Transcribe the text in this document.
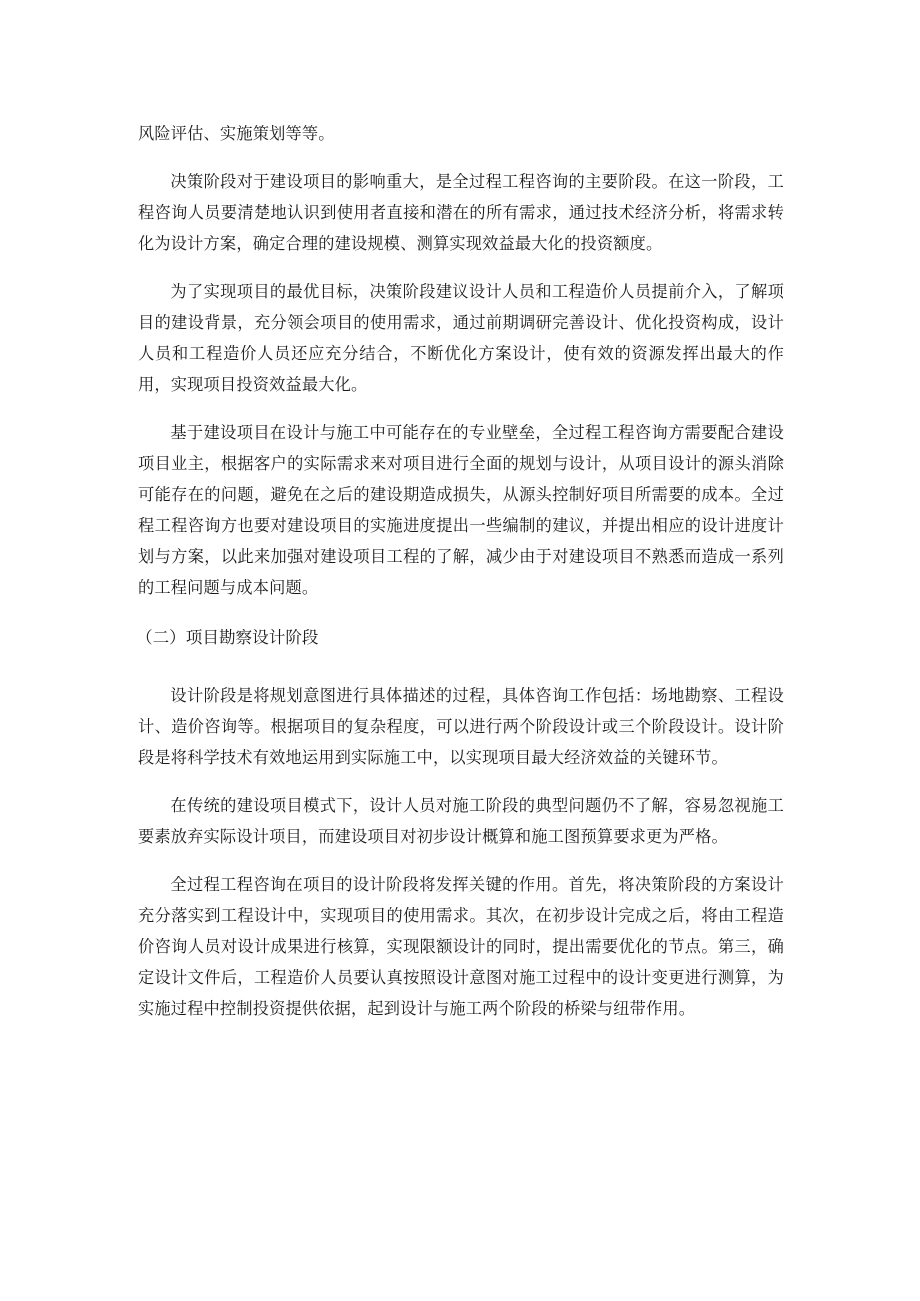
风险评估、实施策划等等。

决策阶段对于建设项目的影响重大，是全过程工程咨询的主要阶段。在这一阶段，工程咨询人员要清楚地认识到使用者直接和潜在的所有需求，通过技术经济分析，将需求转化为设计方案，确定合理的建设规模、测算实现效益最大化的投资额度。

为了实现项目的最优目标，决策阶段建议设计人员和工程造价人员提前介入，了解项目的建设背景，充分领会项目的使用需求，通过前期调研完善设计、优化投资构成，设计人员和工程造价人员还应充分结合，不断优化方案设计，使有效的资源发挥出最大的作用，实现项目投资效益最大化。

基于建设项目在设计与施工中可能存在的专业壁垒，全过程工程咨询方需要配合建设项目业主，根据客户的实际需求来对项目进行全面的规划与设计，从项目设计的源头消除可能存在的问题，避免在之后的建设期造成损失，从源头控制好项目所需要的成本。全过程工程咨询方也要对建设项目的实施进度提出一些编制的建议，并提出相应的设计进度计划与方案，以此来加强对建设项目工程的了解，减少由于对建设项目不熟悉而造成一系列的工程问题与成本问题。

（二）项目勘察设计阶段

设计阶段是将规划意图进行具体描述的过程，具体咨询工作包括：场地勘察、工程设计、造价咨询等。根据项目的复杂程度，可以进行两个阶段设计或三个阶段设计。设计阶段是将科学技术有效地运用到实际施工中，以实现项目最大经济效益的关键环节。

在传统的建设项目模式下，设计人员对施工阶段的典型问题仍不了解，容易忽视施工要素放弃实际设计项目，而建设项目对初步设计概算和施工图预算要求更为严格。

全过程工程咨询在项目的设计阶段将发挥关键的作用。首先，将决策阶段的方案设计充分落实到工程设计中，实现项目的使用需求。其次，在初步设计完成之后，将由工程造价咨询人员对设计成果进行核算，实现限额设计的同时，提出需要优化的节点。第三，确定设计文件后，工程造价人员要认真按照设计意图对施工过程中的设计变更进行测算，为实施过程中控制投资提供依据，起到设计与施工两个阶段的桥梁与纽带作用。
